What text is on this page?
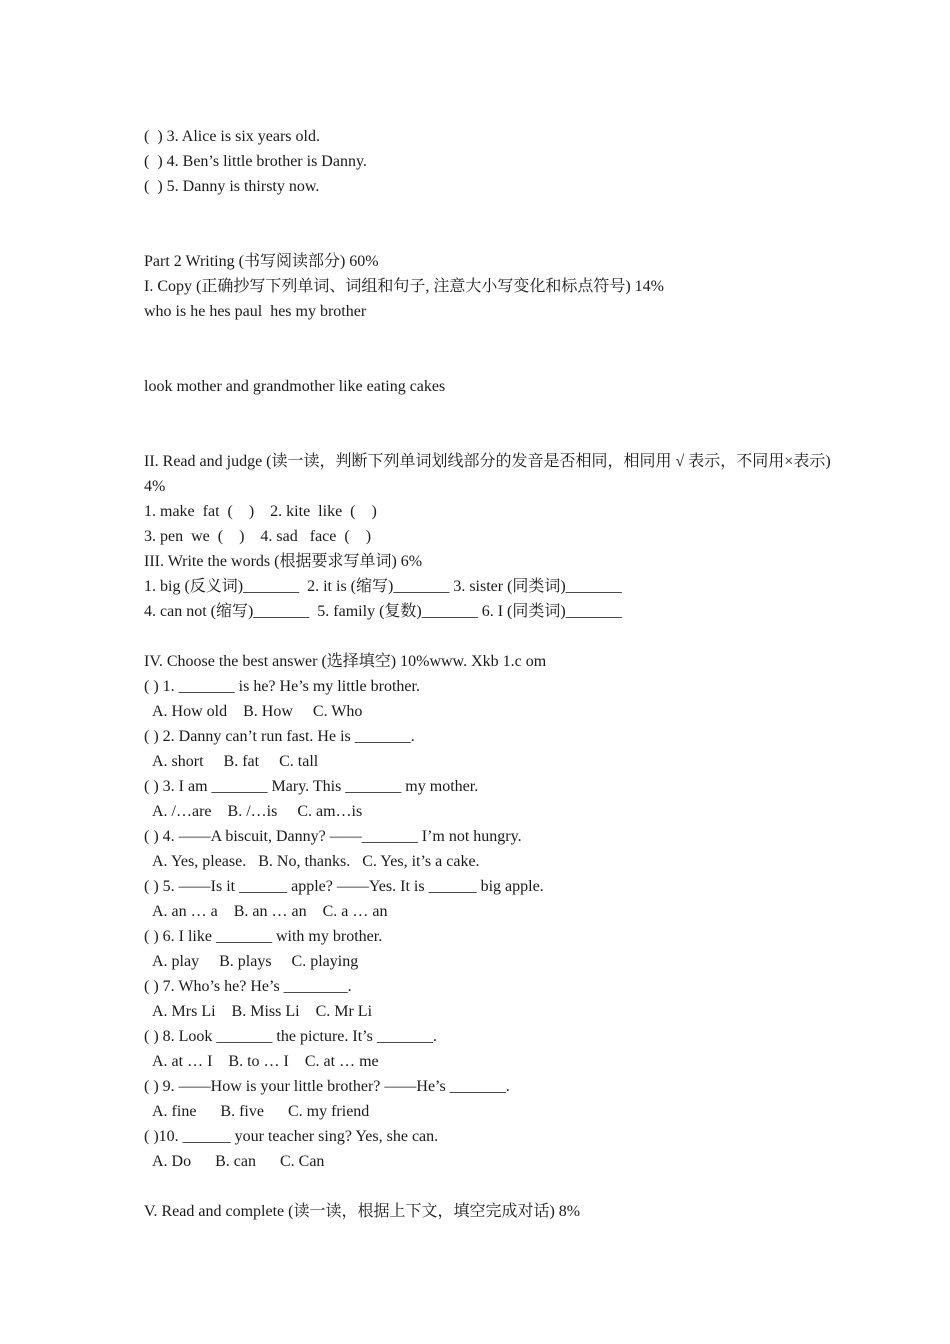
(  ) 3. Alice is six years old.
(  ) 4. Ben’s little brother is Danny.
(  ) 5. Danny is thirsty now.
Part 2 Writing (书写阅读部分) 60%
I. Copy (正确抄写下列单词、词组和句子, 注意大小写变化和标点符号) 14%
who is he hes paul  hes my brother
look mother and grandmother like eating cakes
II. Read and judge (读一读，判断下列单词划线部分的发音是否相同，相同用 √ 表示，不同用×表示) 4%
1. make  fat  (    )    2. kite  like  (    )
3. pen  we  (    )    4. sad   face  (    )
III. Write the words (根据要求写单词) 6%
1. big (反义词)_______  2. it is (缩写)_______ 3. sister (同类词)_______
4. can not (缩写)_______  5. family (复数)_______ 6. I (同类词)_______
IV. Choose the best answer (选择填空) 10%www. Xkb 1.c om
( ) 1. _______ is he? He’s my little brother.
A. How old    B. How     C. Who
( ) 2. Danny can’t run fast. He is _______.
A. short     B. fat     C. tall
( ) 3. I am _______ Mary. This _______ my mother.
A. /…are    B. /…is     C. am…is
( ) 4. ——A biscuit, Danny? ——_______ I’m not hungry.
A. Yes, please.   B. No, thanks.   C. Yes, it’s a cake.
( ) 5. ——Is it ______ apple? ——Yes. It is ______ big apple.
A. an … a    B. an … an    C. a … an
( ) 6. I like _______ with my brother.
A. play     B. plays     C. playing
( ) 7. Who’s he? He’s ________.
A. Mrs Li    B. Miss Li    C. Mr Li
( ) 8. Look _______ the picture. It’s _______.
A. at … I    B. to … I    C. at … me
( ) 9. ——How is your little brother? ——He’s _______.
A. fine      B. five      C. my friend
( )10. ______ your teacher sing? Yes, she can.
A. Do      B. can      C. Can
V. Read and complete (读一读，根据上下文，填空完成对话) 8%
